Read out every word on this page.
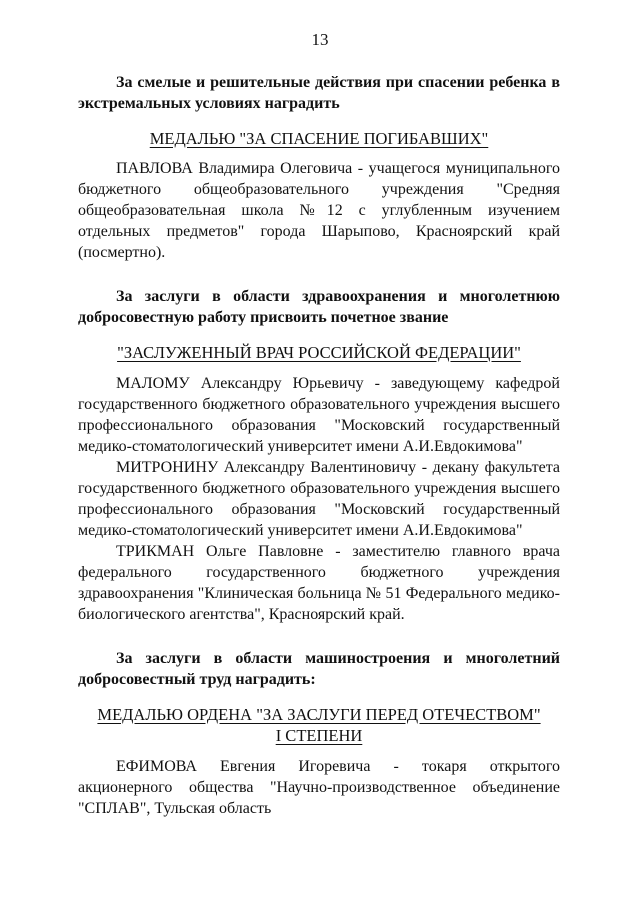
13

За смелые и решительные действия при спасении ребенка в экстремальных условиях наградить

МЕДАЛЬЮ "ЗА СПАСЕНИЕ ПОГИБАВШИХ"

ПАВЛОВА Владимира Олеговича - учащегося муниципального бюджетного общеобразовательного учреждения "Средняя общеобразовательная школа №12 с углубленным изучением отдельных предметов" города Шарыпово, Красноярский край (посмертно).

За заслуги в области здравоохранения и многолетнюю добросовестную работу присвоить почетное звание

"ЗАСЛУЖЕННЫЙ ВРАЧ РОССИЙСКОЙ ФЕДЕРАЦИИ"

МАЛОМУ Александру Юрьевичу - заведующему кафедрой государственного бюджетного образовательного учреждения высшего профессионального образования "Московский государственный медико-стоматологический университет имени А.И.Евдокимова"

МИТРОНИНУ Александру Валентиновичу - декану факультета государственного бюджетного образовательного учреждения высшего профессионального образования "Московский государственный медико-стоматологический университет имени А.И.Евдокимова"

ТРИКМАН Ольге Павловне - заместителю главного врача федерального государственного бюджетного учреждения здравоохранения "Клиническая больница № 51 Федерального медико-биологического агентства", Красноярский край.

За заслуги в области машиностроения и многолетний добросовестный труд наградить:

МЕДАЛЬЮ ОРДЕНА "ЗА ЗАСЛУГИ ПЕРЕД ОТЕЧЕСТВОМ"
I СТЕПЕНИ

ЕФИМОВА Евгения Игоревича - токаря открытого акционерного общества "Научно-производственное объединение "СПЛАВ", Тульская область
